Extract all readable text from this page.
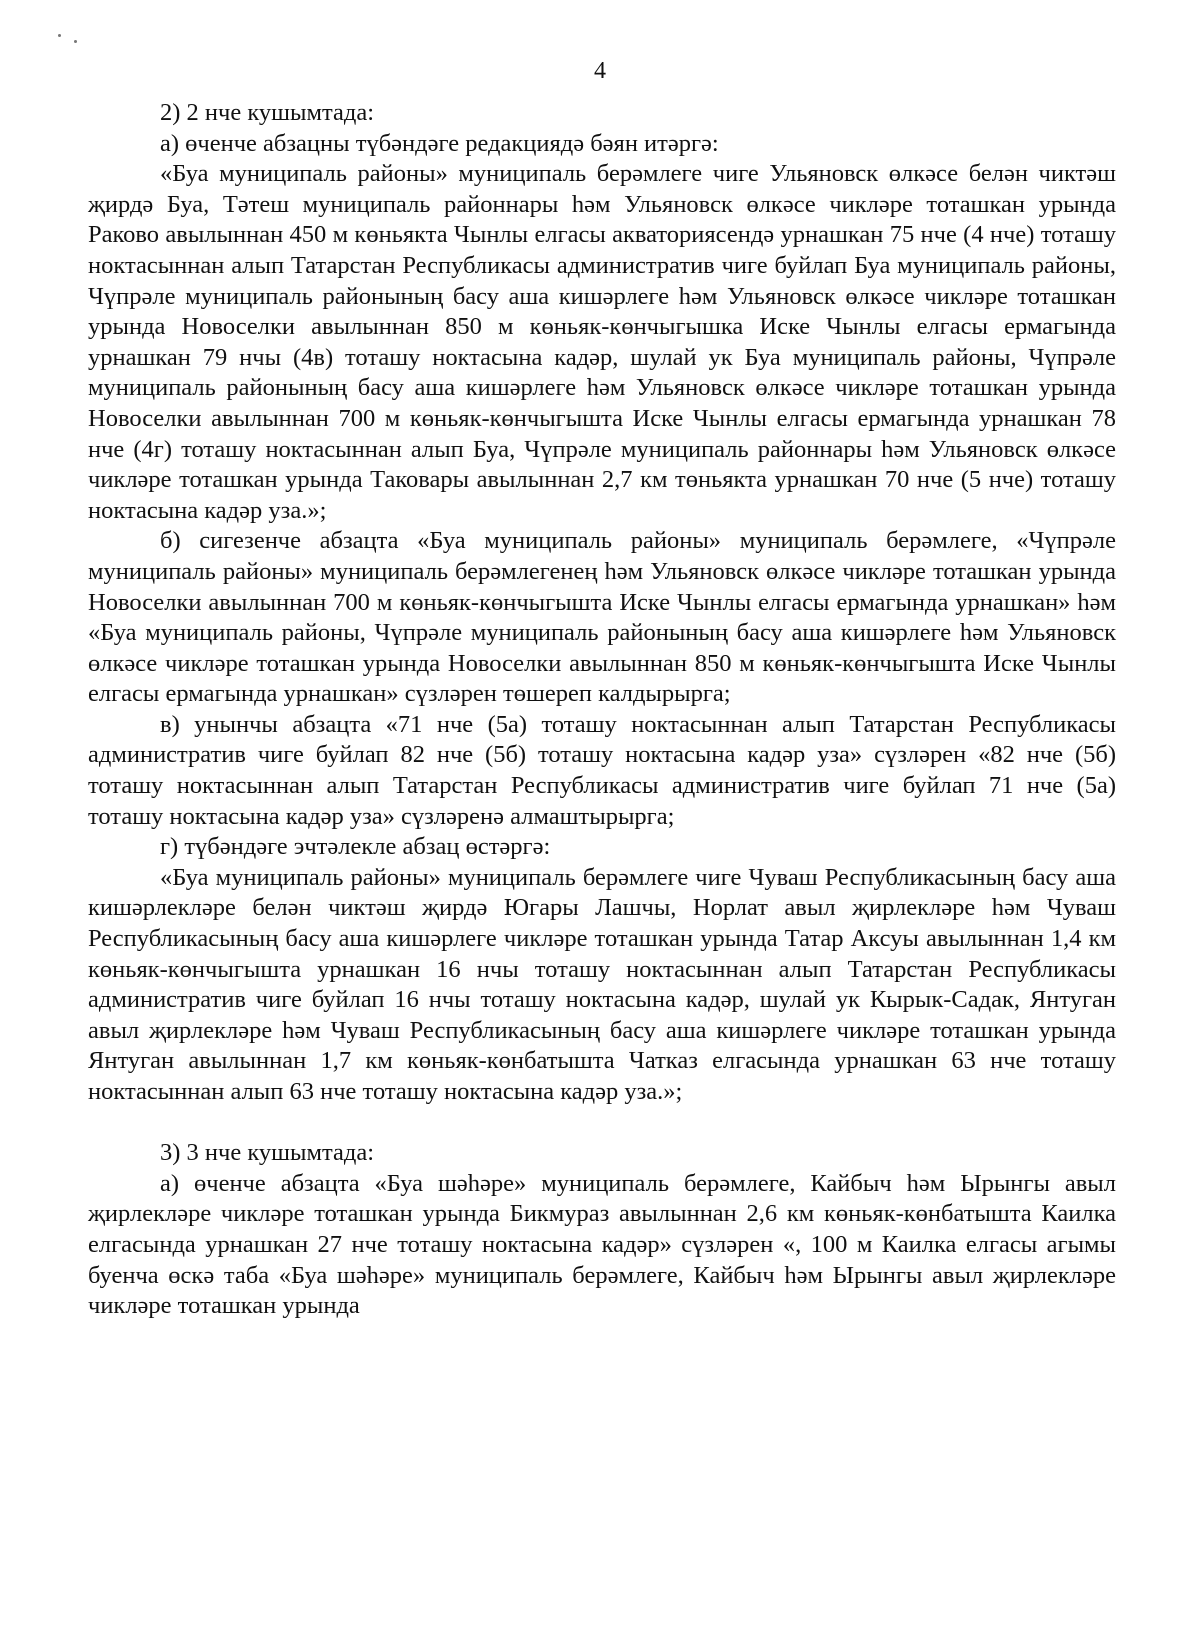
4

2) 2 нче кушымтада:

а) өченче абзацны түбәндәге редакциядә бәян итәргә:

«Буа муниципаль районы» муниципаль берәмлеге чиге Ульяновск өлкәсе белән чиктәш җирдә Буа, Тәтеш муниципаль районнары һәм Ульяновск өлкәсе чикләре тоташкан урында Раково авылыннан 450 м көньякта Чынлы елгасы акваториясендә урнашкан 75 нче (4 нче) тоташу ноктасыннан алып Татарстан Республикасы административ чиге буйлап Буа муниципаль районы, Чүпрәле муниципаль районының басу аша кишәрлеге һәм Ульяновск өлкәсе чикләре тоташкан урында Новоселки авылыннан 850 м көньяк-көнчыгышка Иске Чынлы елгасы ермагында урнашкан 79 нчы (4в) тоташу ноктасына кадәр, шулай ук Буа муниципаль районы, Чүпрәле муниципаль районының басу аша кишәрлеге һәм Ульяновск өлкәсе чикләре тоташкан урында Новоселки авылыннан 700 м көньяк-көнчыгышта Иске Чынлы елгасы ермагында урнашкан 78 нче (4г) тоташу ноктасыннан алып Буа, Чүпрәле муниципаль районнары һәм Ульяновск өлкәсе чикләре тоташкан урында Таковары авылыннан 2,7 км төньякта урнашкан 70 нче (5 нче) тоташу ноктасына кадәр уза.»;

б) сигезенче абзацта «Буа муниципаль районы» муниципаль берәмлеге, «Чүпрәле муниципаль районы» муниципаль берәмлегенең һәм Ульяновск өлкәсе чикләре тоташкан урында Новоселки авылыннан 700 м көньяк-көнчыгышта Иске Чынлы елгасы ермагында урнашкан» һәм «Буа муниципаль районы, Чүпрәле муниципаль районының басу аша кишәрлеге һәм Ульяновск өлкәсе чикләре тоташкан урында Новоселки авылыннан 850 м көньяк-көнчыгышта Иске Чынлы елгасы ермагында урнашкан» сүзләрен төшереп калдырырга;

в) унынчы абзацта «71 нче (5а) тоташу ноктасыннан алып Татарстан Республикасы административ чиге буйлап 82 нче (5б) тоташу ноктасына кадәр уза» сүзләрен «82 нче (5б) тоташу ноктасыннан алып Татарстан Республикасы административ чиге буйлап 71 нче (5а) тоташу ноктасына кадәр уза» сүзләренә алмаштырырга;

г) түбәндәге эчтәлекле абзац өстәргә:

«Буа муниципаль районы» муниципаль берәмлеге чиге Чуваш Республикасының басу аша кишәрлекләре белән чиктәш җирдә Югары Лашчы, Норлат авыл җирлекләре һәм Чуваш Республикасының басу аша кишәрлеге чикләре тоташкан урында Татар Аксуы авылыннан 1,4 км көньяк-көнчыгышта урнашкан 16 нчы тоташу ноктасыннан алып Татарстан Республикасы административ чиге буйлап 16 нчы тоташу ноктасына кадәр, шулай ук Кырык-Садак, Янтуган авыл җирлекләре һәм Чуваш Республикасының басу аша кишәрлеге чикләре тоташкан урында Янтуган авылыннан 1,7 км көньяк-көнбатышта Чатказ елгасында урнашкан 63 нче тоташу ноктасыннан алып 63 нче тоташу ноктасына кадәр уза.»;

3) 3 нче кушымтада:

а) өченче абзацта «Буа шәһәре» муниципаль берәмлеге, Кайбыч һәм Ырынгы авыл җирлекләре чикләре тоташкан урында Бикмураз авылыннан 2,6 км көньяк-көнбатышта Каилка елгасында урнашкан 27 нче тоташу ноктасына кадәр» сүзләрен «, 100 м Каилка елгасы агымы буенча өскә таба «Буа шәһәре» муниципаль берәмлеге, Кайбыч һәм Ырынгы авыл җирлекләре чикләре тоташкан урында
